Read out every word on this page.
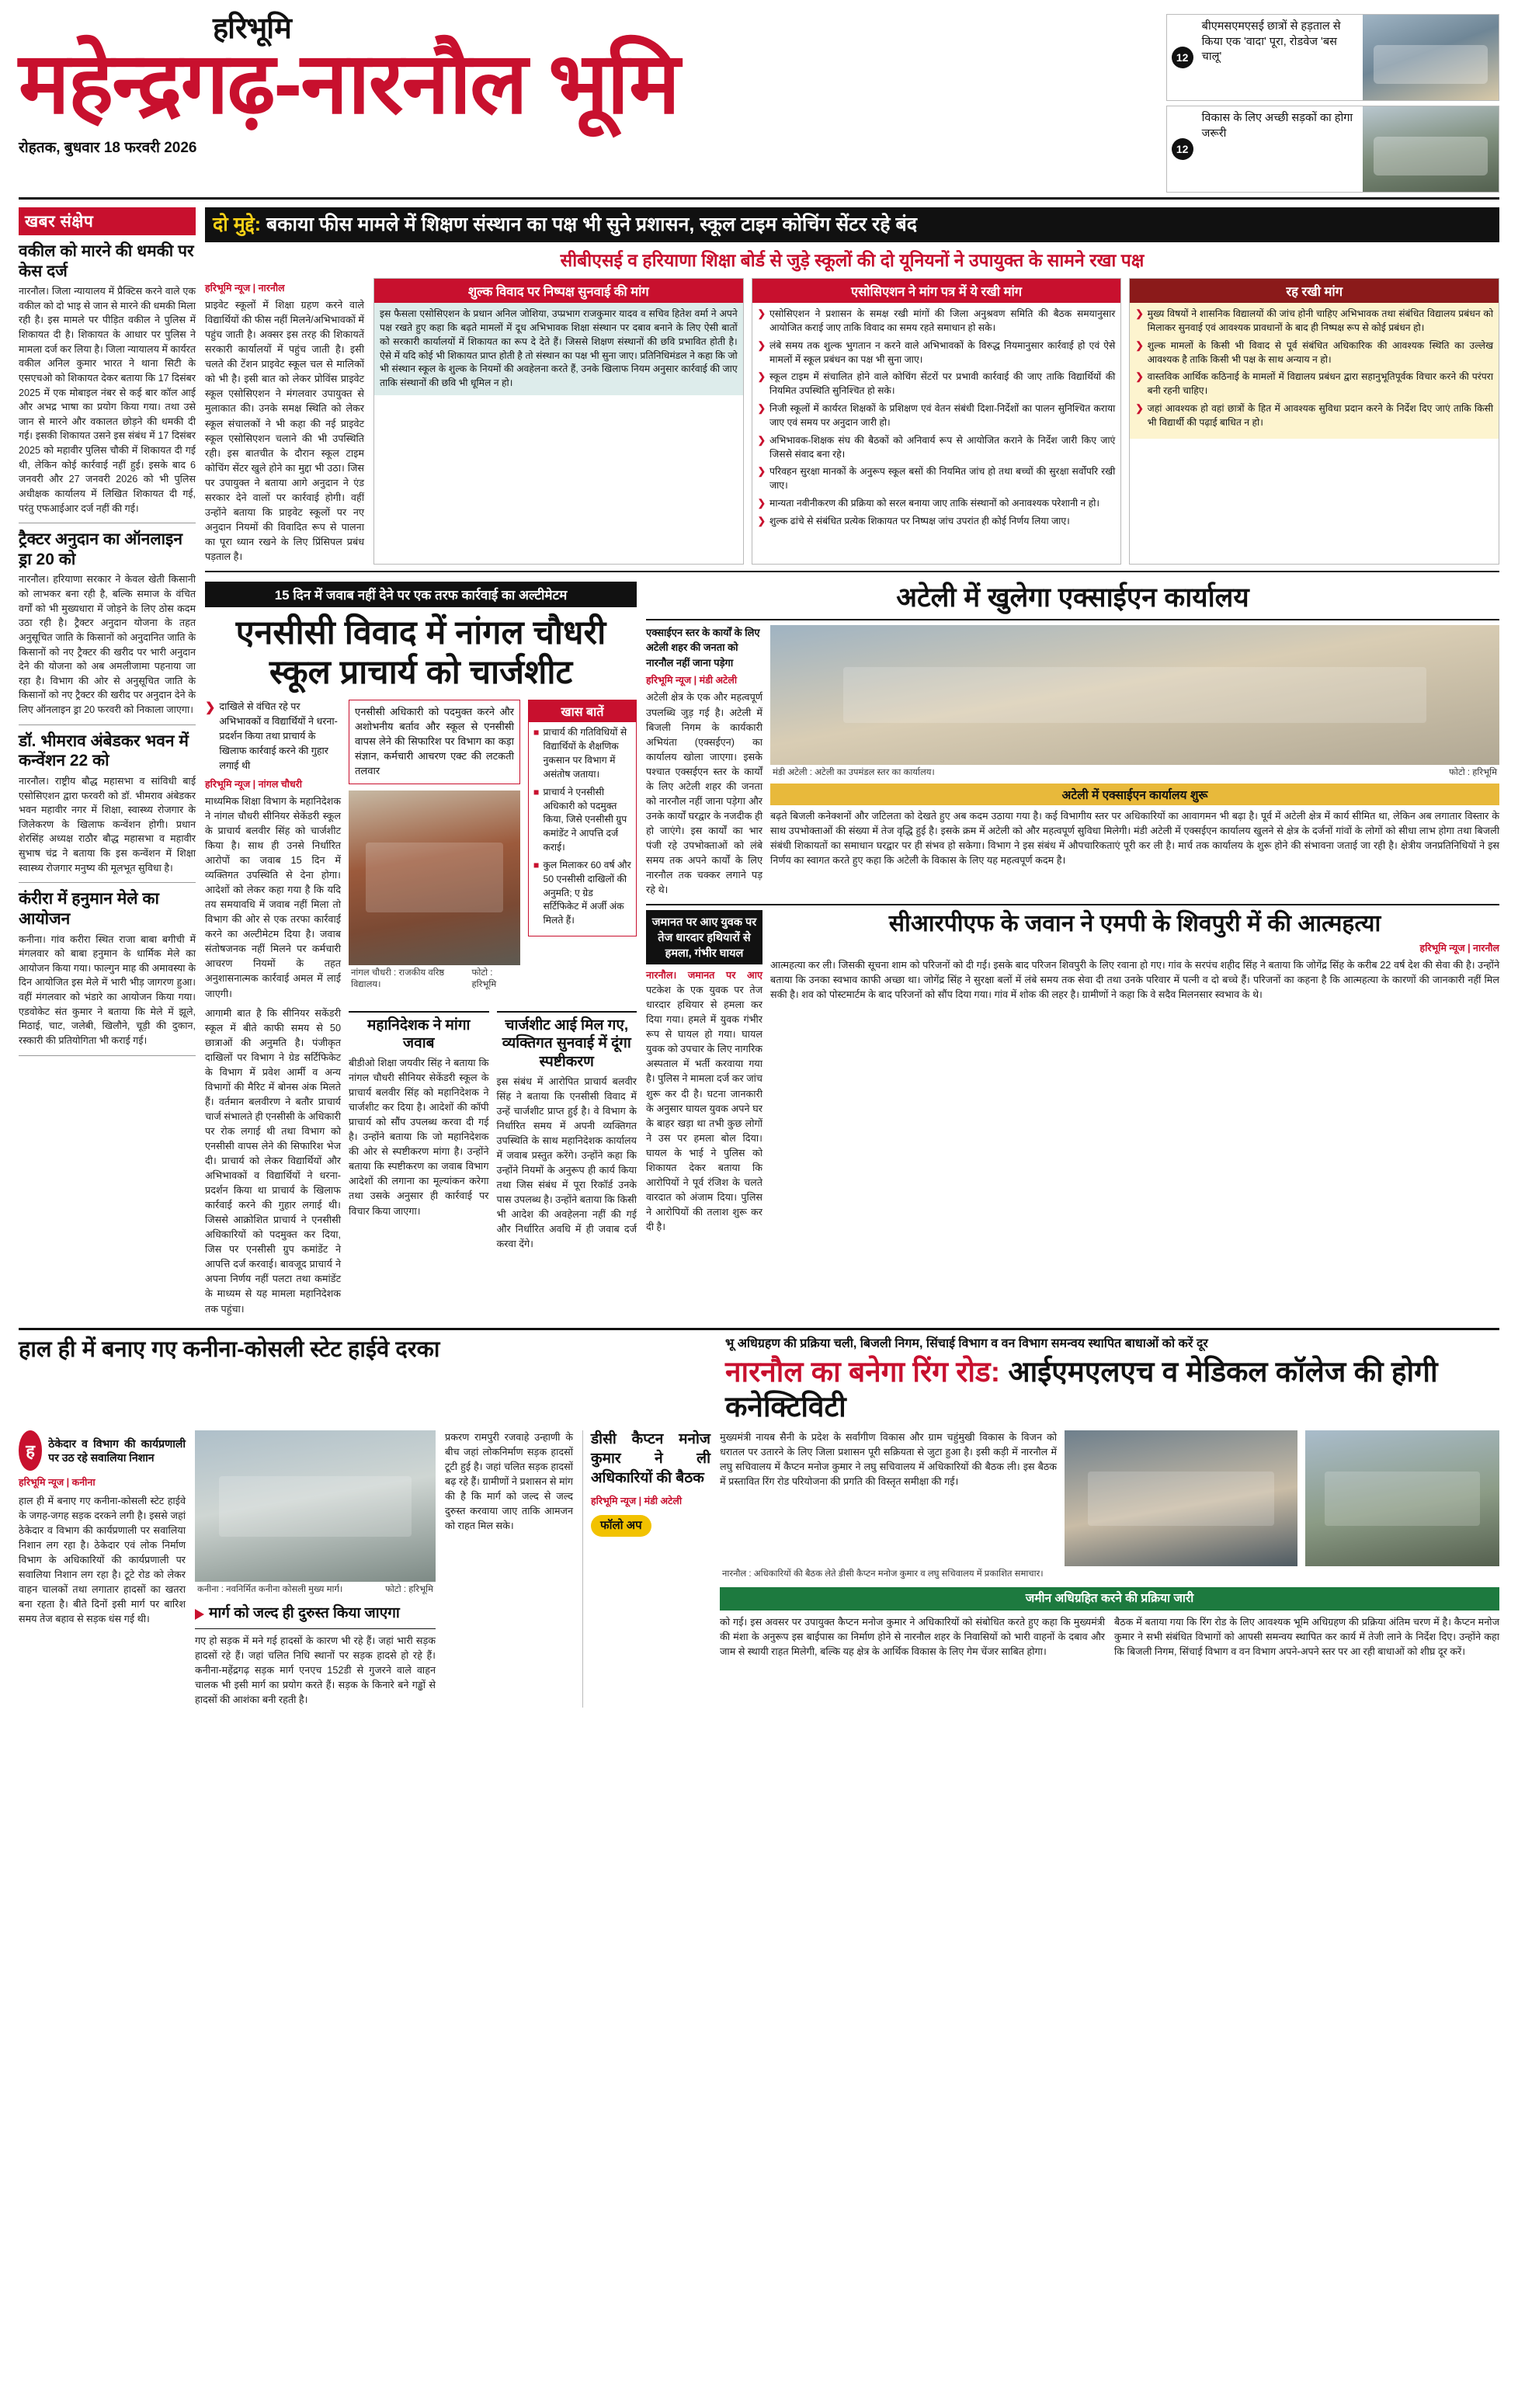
हरिभूमि
महेन्द्रगढ़-नारनौल भूमि
रोहतक, बुधवार 18 फरवरी 2026
12
बीएमसएमएसई छात्रों से हड़ताल से किया एक 'वादा' पूरा, रोडवेज 'बस चालू'
12
विकास के लिए अच्छी सड़कों का होगा जरूरी
खबर संक्षेप
वकील को मारने की धमकी पर केस दर्ज
नारनौल। जिला न्यायालय में प्रैक्टिस करने वाले एक वकील को दो भाइ से जान से मारने की धमकी मिला रही है। इस मामले पर पीड़ित वकील ने पुलिस में शिकायत दी है। शिकायत के आधार पर पुलिस ने मामला दर्ज कर लिया है। जिला न्यायालय में कार्यरत वकील अनिल कुमार भारत ने थाना सिटी के एसएचओ को शिकायत देकर बताया कि 17 दिसंबर 2025 में एक मोबाइल नंबर से कई बार कॉल आई और अभद्र भाषा का प्रयोग किया गया। तथा उसे जान से मारने और वकालत छोड़ने की धमकी दी गई। इसकी शिकायत उसने इस संबंध में 17 दिसंबर 2025 को महावीर पुलिस चौकी में शिकायत दी गई थी, लेकिन कोई कार्रवाई नहीं हुई। इसके बाद 6 जनवरी और 27 जनवरी 2026 को भी पुलिस अधीक्षक कार्यालय में लिखित शिकायत दी गई, परंतु एफआईआर दर्ज नहीं की गई।
ट्रैक्टर अनुदान का ऑनलाइन ड्रा 20 को
नारनौल। हरियाणा सरकार ने केवल खेती किसानी को लाभकर बना रही है, बल्कि समाज के वंचित वर्गों को भी मुख्यधारा में जोड़ने के लिए ठोस कदम उठा रही है। ट्रैक्टर अनुदान योजना के तहत अनुसूचित जाति के किसानों को अनुदानित जाति के किसानों को नए ट्रैक्टर की खरीद पर भारी अनुदान देने की योजना को अब अमलीजामा पहनाया जा रहा है। विभाग की ओर से अनुसूचित जाति के किसानों को नए ट्रैक्टर की खरीद पर अनुदान देने के लिए ऑनलाइन ड्रा 20 फरवरी को निकाला जाएगा।
डॉ. भीमराव अंबेडकर भवन में कन्वेंशन 22 को
नारनौल। राष्ट्रीय बौद्ध महासभा व सांविधी बाई एसोसिएशन द्वारा फरवरी को डॉ. भीमराव अंबेडकर भवन महावीर नगर में शिक्षा, स्वास्थ्य रोजगार के जिलेकरण के खिलाफ कन्वेंशन होगी। प्रधान शेरसिंह अध्यक्ष राठौर बौद्ध महासभा व महावीर सुभाष चंद्र ने बताया कि इस कन्वेंशन में शिक्षा स्वास्थ्य रोजगार मनुष्य की मूलभूत सुविधा है।
कंरीरा में हनुमान मेले का आयोजन
कनीना। गांव करीरा स्थित राजा बाबा बगीची में मंगलवार को बाबा हनुमान के धार्मिक मेले का आयोजन किया गया। फाल्गुन माह की अमावस्या के दिन आयोजित इस मेले में भारी भीड़ जागरण हुआ। वहीं मंगलवार को भंडारे का आयोजन किया गया। एडवोकेट संत कुमार ने बताया कि मेले में झूले, मिठाई, चाट, जलेबी, खिलौने, चूड़ी की दुकान, रस्कारी की प्रतियोगिता भी कराई गई।
दो मुद्दे: बकाया फीस मामले में शिक्षण संस्थान का पक्ष भी सुने प्रशासन, स्कूल टाइम कोचिंग सेंटर रहे बंद
सीबीएसई व हरियाणा शिक्षा बोर्ड से जुड़े स्कूलों की दो यूनियनों ने उपायुक्त के सामने रखा पक्ष
हरिभूमि न्यूज | नारनौल
प्राइवेट स्कूलों में शिक्षा ग्रहण करने वाले विद्यार्थियों की फीस नहीं मिलने/अभिभावकों में पहुंच जाती है। अक्सर इस तरह की शिकायतें सरकारी कार्यालयों में पहुंच जाती है। इसी चलते की टेंशन प्राइवेट स्कूल चल से मालिकों को भी है। इसी बात को लेकर प्रोविंस प्राइवेट स्कूल एसोसिएशन ने मंगलवार उपायुक्त से मुलाकात की। उनके समक्ष स्थिति को लेकर स्कूल संचालकों ने भी कहा की नई प्राइवेट स्कूल एसोसिएशन चलाने की भी उपस्थिति रही। इस बातचीत के दौरान स्कूल टाइम कोचिंग सेंटर खुले होने का मुद्दा भी उठा। जिस पर उपायुक्त ने बताया आगे अनुदान ने एंड सरकार देने वालों पर कार्रवाई होगी। वहीं उन्होंने बताया कि प्राइवेट स्कूलों पर नए अनुदान नियमों की विवादित रूप से पालना का पूरा ध्यान रखने के लिए प्रिंसिपल प्रबंध पड़ताल है।
शुल्क विवाद पर निष्पक्ष सुनवाई की मांग
इस फैसला एसोसिएशन के प्रधान अनिल जोशिया, उप्प्रभाग राजकुमार यादव व सचिव हितेश वर्मा ने अपने पक्ष रखते हुए कहा कि बढ़ते मामलों में दूध अभिभावक शिक्षा संस्थान पर दबाव बनाने के लिए ऐसी बातों को सरकारी कार्यालयों में शिकायत का रूप दे देते हैं। जिससे शिक्षण संस्थानों की छवि प्रभावित होती है। ऐसे में यदि कोई भी शिकायत प्राप्त होती है तो संस्थान का पक्ष भी सुना जाए। प्रतिनिधिमंडल ने कहा कि जो भी संस्थान स्कूल के शुल्क के नियमों की अवहेलना करते हैं, उनके खिलाफ नियम अनुसार कार्रवाई की जाए ताकि संस्थानों की छवि भी धूमिल न हो।
एसोसिएशन ने मांग पत्र में ये रखी मांग
❯ एसोसिएशन ने प्रशासन के समक्ष रखी मांगों की जिला अनुश्रवण समिति की बैठक समयानुसार आयोजित कराई जाए ताकि विवाद का समय रहते समाधान हो सके।
❯ लंबे समय तक शुल्क भुगतान न करने वाले अभिभावकों के विरुद्ध नियमानुसार कार्रवाई हो एवं ऐसे मामलों में स्कूल प्रबंधन का पक्ष भी सुना जाए।
❯ स्कूल टाइम में संचालित होने वाले कोचिंग सेंटरों पर प्रभावी कार्रवाई की जाए ताकि विद्यार्थियों की नियमित उपस्थिति सुनिश्चित हो सके।
❯ निजी स्कूलों में कार्यरत शिक्षकों के प्रशिक्षण एवं वेतन संबंधी दिशा-निर्देशों का पालन सुनिश्चित कराया जाए एवं समय पर अनुदान जारी हो।
❯ अभिभावक-शिक्षक संघ की बैठकों को अनिवार्य रूप से आयोजित कराने के निर्देश जारी किए जाएं जिससे संवाद बना रहे।
❯ परिवहन सुरक्षा मानकों के अनुरूप स्कूल बसों की नियमित जांच हो तथा बच्चों की सुरक्षा सर्वोपरि रखी जाए।
❯ मान्यता नवीनीकरण की प्रक्रिया को सरल बनाया जाए ताकि संस्थानों को अनावश्यक परेशानी न हो।
❯ शुल्क ढांचे से संबंधित प्रत्येक शिकायत पर निष्पक्ष जांच उपरांत ही कोई निर्णय लिया जाए।
रह रखी मांग
❯ मुख्य विषयों ने शासनिक विद्यालयों की जांच होनी चाहिए अभिभावक तथा संबंधित विद्यालय प्रबंधन को मिलाकर सुनवाई एवं आवश्यक प्रावधानों के बाद ही निष्पक्ष रूप से कोई प्रबंधन हो।
❯ शुल्क मामलों के किसी भी विवाद से पूर्व संबंधित अधिकारिक की आवश्यक स्थिति का उल्लेख आवश्यक है ताकि किसी भी पक्ष के साथ अन्याय न हो।
❯ वास्तविक आर्थिक कठिनाई के मामलों में विद्यालय प्रबंधन द्वारा सहानुभूतिपूर्वक विचार करने की परंपरा बनी रहनी चाहिए।
❯ जहां आवश्यक हो वहां छात्रों के हित में आवश्यक सुविधा प्रदान करने के निर्देश दिए जाएं ताकि किसी भी विद्यार्थी की पढ़ाई बाधित न हो।
15 दिन में जवाब नहीं देने पर एक तरफ कार्रवाई का अल्टीमेटम
एनसीसी विवाद में नांगल चौधरी स्कूल प्राचार्य को चार्जशीट
❯ दाखिले से वंचित रहे पर अभिभावकों व विद्यार्थियों ने धरना-प्रदर्शन किया तथा प्राचार्य के खिलाफ कार्रवाई करने की गुहार लगाई थी
हरिभूमि न्यूज | नांगल चौधरी
माध्यमिक शिक्षा विभाग के महानिदेशक ने नांगल चौधरी सीनियर सेकेंडरी स्कूल के प्राचार्य बलवीर सिंह को चार्जशीट किया है। साथ ही उनसे निर्धारित आरोपों का जवाब 15 दिन में व्यक्तिगत उपस्थिति से देना होगा। आदेशों को लेकर कहा गया है कि यदि तय समयावधि में जवाब नहीं मिला तो विभाग की ओर से एक तरफा कार्रवाई करने का अल्टीमेटम दिया है। जवाब संतोषजनक नहीं मिलने पर कर्मचारी आचरण नियमों के तहत अनुशासनात्मक कार्रवाई अमल में लाई जाएगी।
एनसीसी अधिकारी को पदमुक्त करने और अशोभनीय बर्ताव और स्कूल से एनसीसी वापस लेने की सिफारिश पर विभाग का कड़ा संज्ञान, कर्मचारी आचरण एक्ट की लटकती तलवार
नांगल चौधरी : राजकीय वरिष्ठ विद्यालय।
फोटो : हरिभूमि
खास बातें
■ प्राचार्य की गतिविधियों से विद्यार्थियों के शैक्षणिक नुकसान पर विभाग में असंतोष जताया।
■ प्राचार्य ने एनसीसी अधिकारी को पदमुक्त किया, जिसे एनसीसी ग्रुप कमांडेंट ने आपत्ति दर्ज कराई।
■ कुल मिलाकर 60 वर्ष और 50 एनसीसी दाखिलों की अनुमति; ए ग्रेड सर्टिफिकेट में अर्जी अंक मिलते हैं।
आगामी बात है कि सीनियर सकेंडरी स्कूल में बीते काफी समय से 50 छात्राओं की अनुमति है। पंजीकृत दाखिलों पर विभाग ने ग्रेड सर्टिफिकेट के विभाग में प्रवेश आर्मी व अन्य विभागों की मैरिट में बोनस अंक मिलते हैं। वर्तमान बलवीरण ने बतौर प्राचार्य चार्ज संभालते ही एनसीसी के अधिकारी पर रोक लगाई थी तथा विभाग को एनसीसी वापस लेने की सिफारिश भेज दी। प्राचार्य को लेकर विद्यार्थियों और अभिभावकों व विद्यार्थियों ने धरना-प्रदर्शन किया था प्राचार्य के खिलाफ कार्रवाई करने की गुहार लगाई थी। जिससे आक्रोशित प्राचार्य ने एनसीसी अधिकारियों को पदमुक्त कर दिया, जिस पर एनसीसी ग्रुप कमांडेंट ने आपत्ति दर्ज करवाई। बावजूद प्राचार्य ने अपना निर्णय नहीं पलटा तथा कमांडेंट के माध्यम से यह मामला महानिदेशक तक पहुंचा।
महानिदेशक ने मांगा जवाब
बीडीओ शिक्षा जयवीर सिंह ने बताया कि नांगल चौधरी सीनियर सेकेंडरी स्कूल के प्राचार्य बलवीर सिंह को महानिदेशक ने चार्जशीट कर दिया है। आदेशों की कॉपी प्राचार्य को सौंप उपलब्ध करवा दी गई है। उन्होंने बताया कि जो महानिदेशक की ओर से स्पष्टीकरण मांगा है। उन्होंने बताया कि स्पष्टीकरण का जवाब विभाग आदेशों की लगाना का मूल्यांकन करेगा तथा उसके अनुसार ही कार्रवाई पर विचार किया जाएगा।
चार्जशीट आई मिल गए, व्यक्तिगत सुनवाई में दूंगा स्पष्टीकरण
इस संबंध में आरोपित प्राचार्य बलवीर सिंह ने बताया कि एनसीसी विवाद में उन्हें चार्जशीट प्राप्त हुई है। वे विभाग के निर्धारित समय में अपनी व्यक्तिगत उपस्थिति के साथ महानिदेशक कार्यालय में जवाब प्रस्तुत करेंगे। उन्होंने कहा कि उन्होंने नियमों के अनुरूप ही कार्य किया तथा जिस संबंध में पूरा रिकॉर्ड उनके पास उपलब्ध है। उन्होंने बताया कि किसी भी आदेश की अवहेलना नहीं की गई और निर्धारित अवधि में ही जवाब दर्ज करवा देंगे।
अटेली में खुलेगा एक्साईएन कार्यालय
एक्साईएन स्तर के कार्यों के लिए अटेली शहर की जनता को नारनौल नहीं जाना पड़ेगा
हरिभूमि न्यूज | मंडी अटेली
अटेली क्षेत्र के एक और महत्वपूर्ण उपलब्धि जुड़ गई है। अटेली में बिजली निगम के कार्यकारी अभियंता (एक्सईएन) का कार्यालय खोला जाएगा। इसके पश्चात एक्सईएन स्तर के कार्यों के लिए अटेली शहर की जनता को नारनौल नहीं जाना पड़ेगा और उनके कार्यों घरद्वार के नजदीक ही हो जाएंगे। इस कार्यों का भार पंजी रहे उपभोक्ताओं को लंबे समय तक अपने कार्यों के लिए नारनौल तक चक्कर लगाने पड़ रहे थे।
मंडी अटेली : अटेली का उपमंडल स्तर का कार्यालय।	फोटो : हरिभूमि
अटेली में एक्साईएन कार्यालय शुरू
बढ़ते बिजली कनेक्शनों और जटिलता को देखते हुए अब कदम उठाया गया है। कई विभागीय स्तर पर अधिकारियों का आवागमन भी बढ़ा है। पूर्व में अटेली क्षेत्र में कार्य सीमित था, लेकिन अब लगातार विस्तार के साथ उपभोक्ताओं की संख्या में तेज वृद्धि हुई है। इसके क्रम में अटेली को और महत्वपूर्ण सुविधा मिलेगी। मंडी अटेली में एक्सईएन कार्यालय खुलने से क्षेत्र के दर्जनों गांवों के लोगों को सीधा लाभ होगा तथा बिजली संबंधी शिकायतों का समाधान घरद्वार पर ही संभव हो सकेगा। विभाग ने इस संबंध में औपचारिकताएं पूरी कर ली है। मार्च तक कार्यालय के शुरू होने की संभावना जताई जा रही है। क्षेत्रीय जनप्रतिनिधियों ने इस निर्णय का स्वागत करते हुए कहा कि अटेली के विकास के लिए यह महत्वपूर्ण कदम है।
जमानत पर आए युवक पर तेज धारदार हथियारों से हमला, गंभीर घायल
नारनौल। जमानत पर आए पटकेश के एक युवक पर तेज धारदार हथियार से हमला कर दिया गया। हमले में युवक गंभीर रूप से घायल हो गया। घायल युवक को उपचार के लिए नागरिक अस्पताल में भर्ती करवाया गया है। पुलिस ने मामला दर्ज कर जांच शुरू कर दी है। घटना जानकारी के अनुसार घायल युवक अपने घर के बाहर खड़ा था तभी कुछ लोगों ने उस पर हमला बोल दिया। घायल के भाई ने पुलिस को शिकायत देकर बताया कि आरोपियों ने पूर्व रंजिश के चलते वारदात को अंजाम दिया। पुलिस ने आरोपियों की तलाश शुरू कर दी है।
सीआरपीएफ के जवान ने एमपी के शिवपुरी में की आत्महत्या
हरिभूमि न्यूज | नारनौल
आत्महत्या कर ली। जिसकी सूचना शाम को परिजनों को दी गई। इसके बाद परिजन शिवपुरी के लिए रवाना हो गए। गांव के सरपंच शहीद सिंह ने बताया कि जोगेंद्र सिंह के करीब 22 वर्ष देश की सेवा की है। उन्होंने बताया कि उनका स्वभाव काफी अच्छा था। जोगेंद्र सिंह ने सुरक्षा बलों में लंबे समय तक सेवा दी तथा उनके परिवार में पत्नी व दो बच्चे हैं। परिजनों का कहना है कि आत्महत्या के कारणों की जानकारी नहीं मिल सकी है। शव को पोस्टमार्टम के बाद परिजनों को सौंप दिया गया। गांव में शोक की लहर है। ग्रामीणों ने कहा कि वे सदैव मिलनसार स्वभाव के थे।
हाल ही में बनाए गए कनीना-कोसली स्टेट हाईवे दरका	भू अधिग्रहण की प्रक्रिया चली, बिजली निगम, सिंचाई विभाग व वन विभाग समन्वय स्थापित बाधाओं को करें दूर
नारनौल का बनेगा रिंग रोड: आईएमएलएच व मेडिकल कॉलेज की होगी कनेक्टिविटी
ह	ठेकेदार व विभाग की कार्यप्रणाली पर उठ रहे सवालिया निशान
हरिभूमि न्यूज | कनीना
हाल ही में बनाए गए कनीना-कोसली स्टेट हाईवे के जगह-जगह सड़क दरकने लगी है। इससे जहां ठेकेदार व विभाग की कार्यप्रणाली पर सवालिया निशान लग रहा है। ठेकेदार एवं लोक निर्माण विभाग के अधिकारियों की कार्यप्रणाली पर सवालिया निशान लग रहा है। टूटे रोड को लेकर वाहन चालकों तथा लगातार हादसों का खतरा बना रहता है। बीते दिनों इसी मार्ग पर बारिश समय तेज बहाव से सड़क धंस गई थी।
कनीना : नवनिर्मित कनीना कोसली मुख्य मार्ग।	फोटो : हरिभूमि
मार्ग को जल्द ही दुरुस्त किया जाएगा
गए हो सड़क में मने गई हादसों के कारण भी रहे हैं। जहां भारी सड़क हादसों रहे हैं। जहां चलित निधि स्थानों पर सड़क हादसे हो रहे हैं। कनीना-महेंद्रगढ़ सड़क मार्ग एनएच 152डी से गुजरने वाले वाहन चालक भी इसी मार्ग का प्रयोग करते हैं। सड़क के किनारे बने गड्ढों से हादसों की आशंका बनी रहती है।
प्रकरण रामपुरी रजवाहे उन्हाणी के बीच जहां लोकनिर्माण सड़क हादसों टूटी हुई है। जहां चलित सड़क हादसों बढ़ रहे हैं। ग्रामीणों ने प्रशासन से मांग की है कि मार्ग को जल्द से जल्द दुरुस्त करवाया जाए ताकि आमजन को राहत मिल सके।
डीसी कैप्टन मनोज कुमार ने ली अधिकारियों की बैठक
हरिभूमि न्यूज | मंडी अटेली
फॉलो अप
मुख्यमंत्री नायब सैनी के प्रदेश के सर्वांगीण विकास और ग्राम चहुंमुखी विकास के विजन को धरातल पर उतारने के लिए जिला प्रशासन पूरी सक्रियता से जुटा हुआ है। इसी कड़ी में नारनौल में लघु सचिवालय में कैप्टन मनोज कुमार ने लघु सचिवालय में अधिकारियों की बैठक ली। इस बैठक में प्रस्तावित रिंग रोड परियोजना की प्रगति की विस्तृत समीक्षा की गई।
नारनौल : अधिकारियों की बैठक लेते डीसी कैप्टन मनोज कुमार व लघु सचिवालय में प्रकाशित समाचार।
जमीन अधिग्रहित करने की प्रक्रिया जारी
को गई। इस अवसर पर उपायुक्त कैप्टन मनोज कुमार ने अधिकारियों को संबोधित करते हुए कहा कि मुख्यमंत्री की मंशा के अनुरूप इस बाईपास का निर्माण होने से नारनौल शहर के निवासियों को भारी वाहनों के दबाव और जाम से स्थायी राहत मिलेगी, बल्कि यह क्षेत्र के आर्थिक विकास के लिए गेम चेंजर साबित होगा।
बैठक में बताया गया कि रिंग रोड के लिए आवश्यक भूमि अधिग्रहण की प्रक्रिया अंतिम चरण में है। कैप्टन मनोज कुमार ने सभी संबंधित विभागों को आपसी समन्वय स्थापित कर कार्य में तेजी लाने के निर्देश दिए। उन्होंने कहा कि बिजली निगम, सिंचाई विभाग व वन विभाग अपने-अपने स्तर पर आ रही बाधाओं को शीघ्र दूर करें।
